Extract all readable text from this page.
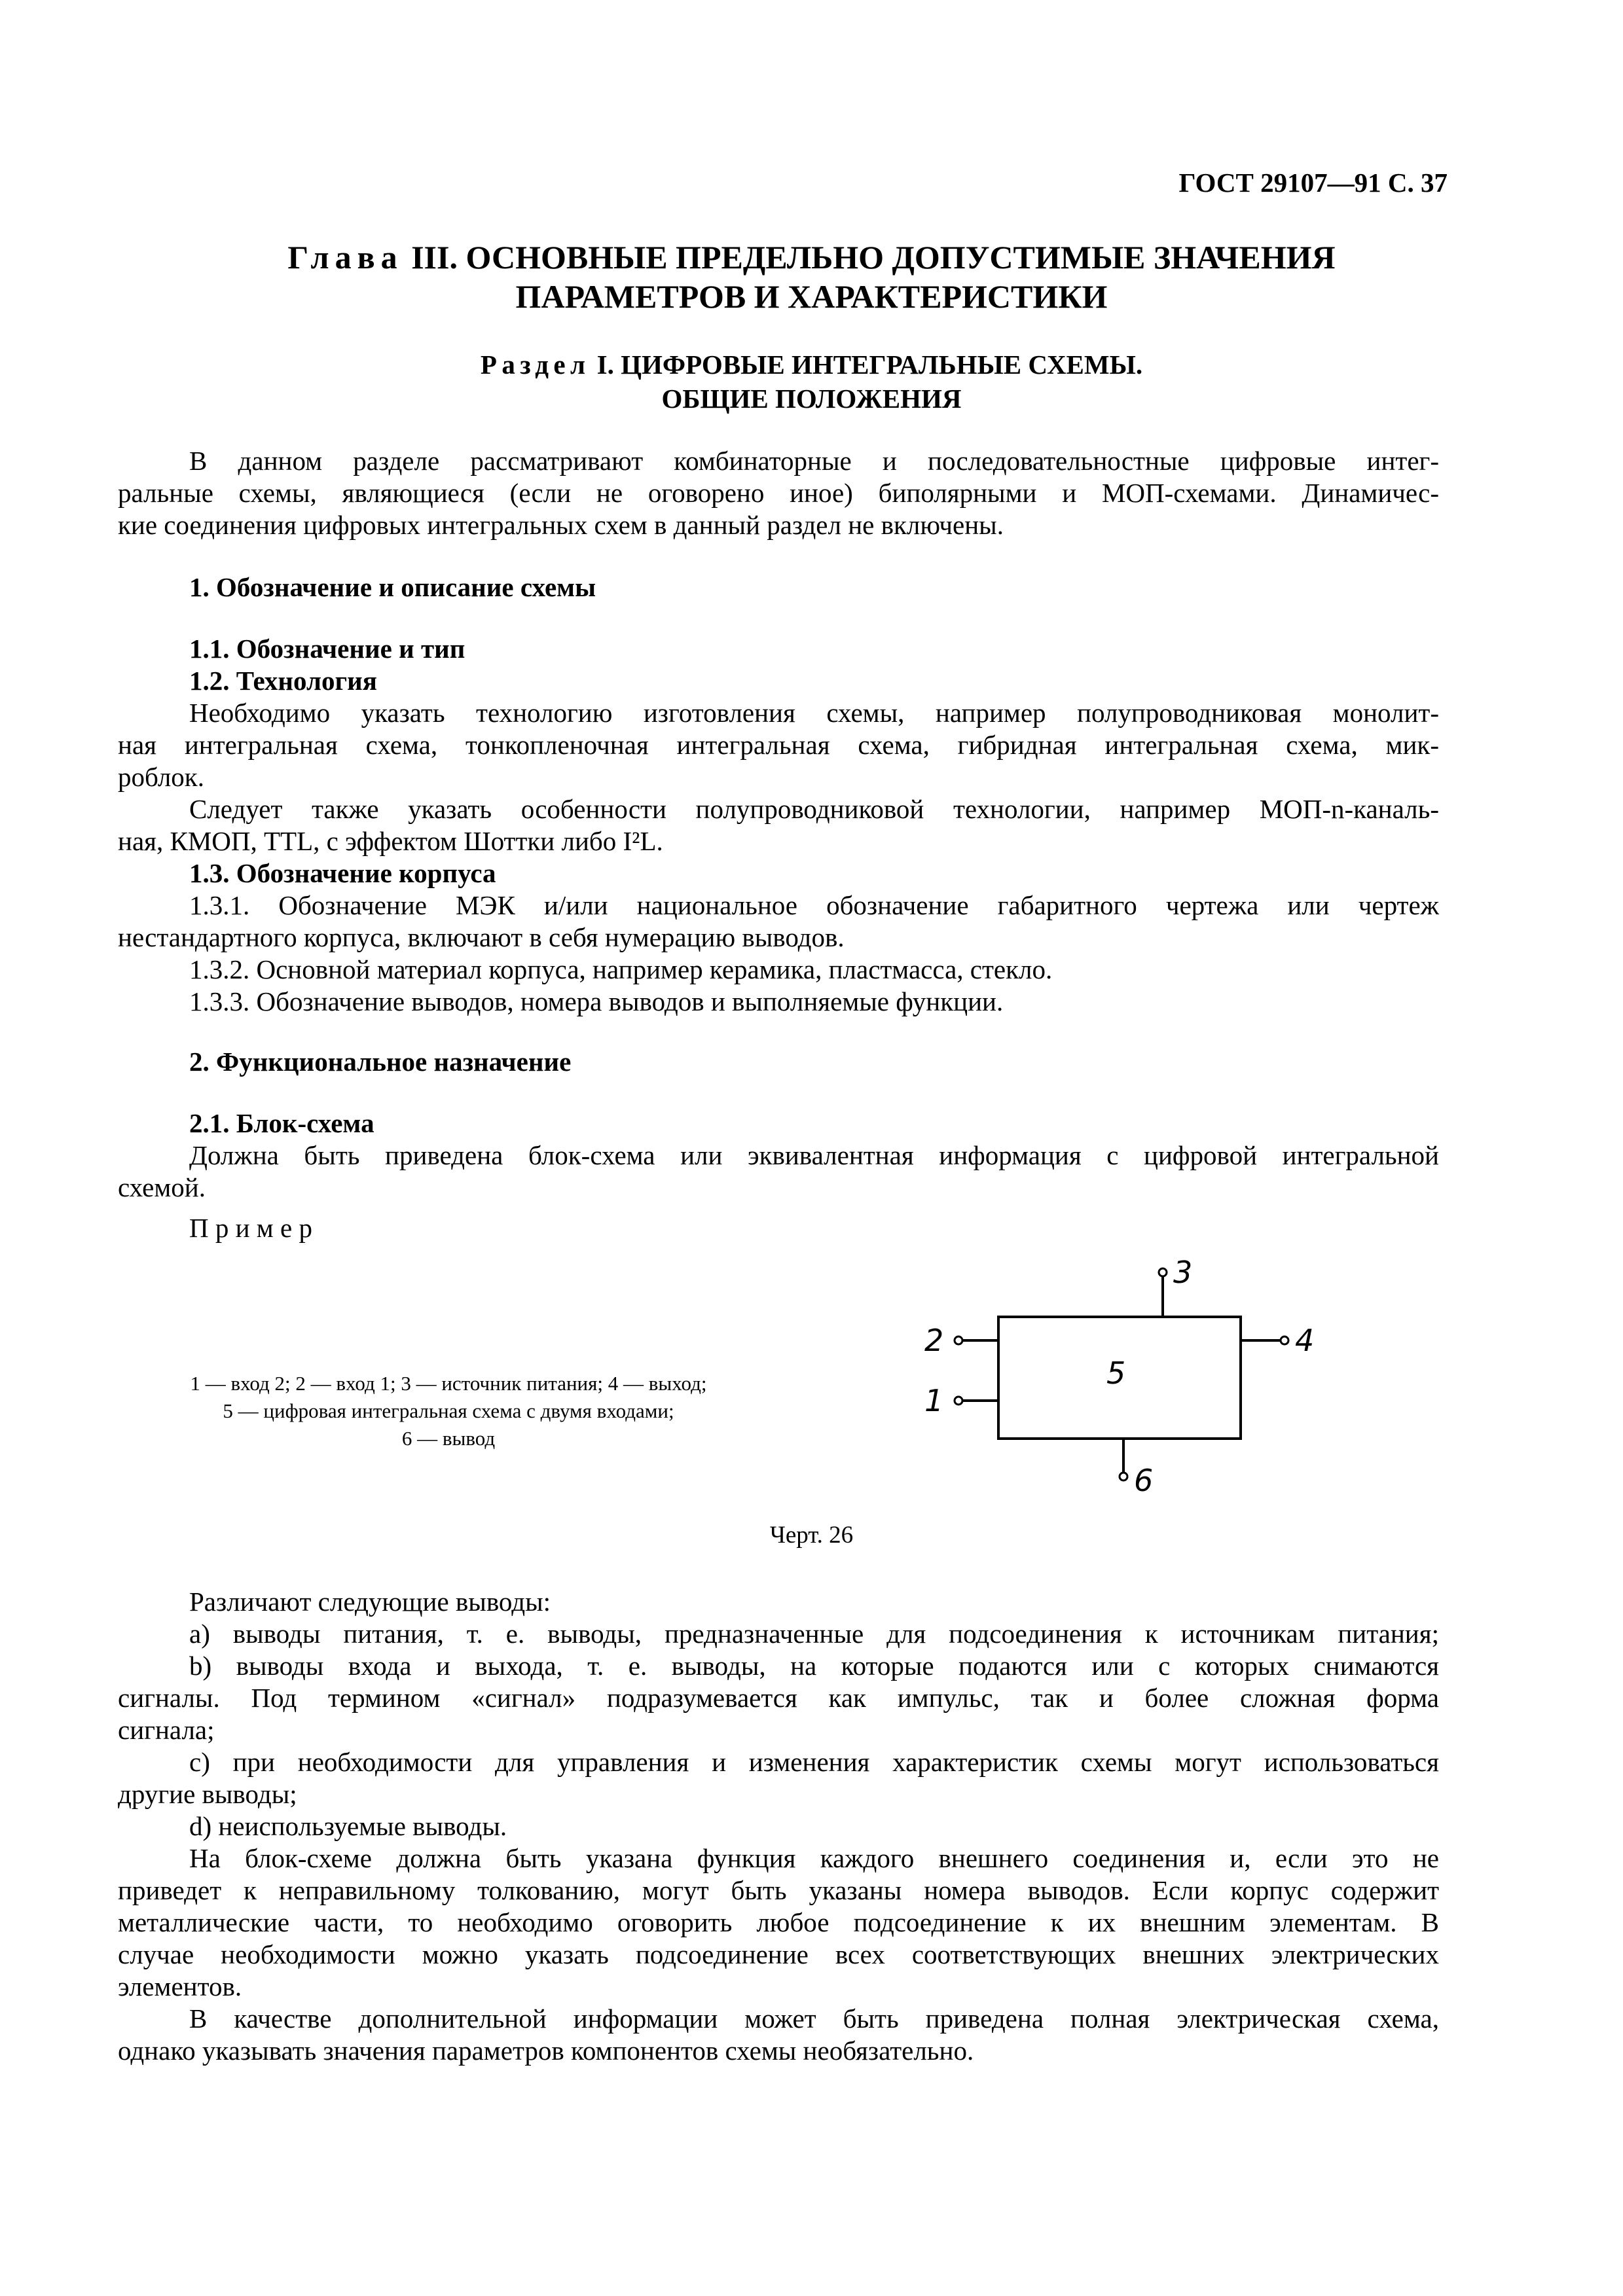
ГОСТ 29107—91 С. 37
Глава III. ОСНОВНЫЕ ПРЕДЕЛЬНО ДОПУСТИМЫЕ ЗНАЧЕНИЯ
ПАРАМЕТРОВ И ХАРАКТЕРИСТИКИ
Раздел I. ЦИФРОВЫЕ ИНТЕГРАЛЬНЫЕ СХЕМЫ.
ОБЩИЕ ПОЛОЖЕНИЯ
В данном разделе рассматривают комбинаторные и последовательностные цифровые интег-
ральные схемы, являющиеся (если не оговорено иное) биполярными и МОП-схемами. Динамичес-
кие соединения цифровых интегральных схем в данный раздел не включены.
1. Обозначение и описание схемы
1.1. Обозначение и тип
1.2. Технология
Необходимо указать технологию изготовления схемы, например полупроводниковая монолит-
ная интегральная схема, тонкопленочная интегральная схема, гибридная интегральная схема, мик-
роблок.
Следует также указать особенности полупроводниковой технологии, например МОП-n-каналь-
ная, КМОП, TTL, с эффектом Шоттки либо I²L.
1.3. Обозначение корпуса
1.3.1. Обозначение МЭК и/или национальное обозначение габаритного чертежа или чертеж
нестандартного корпуса, включают в себя нумерацию выводов.
1.3.2. Основной материал корпуса, например керамика, пластмасса, стекло.
1.3.3. Обозначение выводов, номера выводов и выполняемые функции.
2. Функциональное назначение
2.1. Блок-схема
Должна быть приведена блок-схема или эквивалентная информация с цифровой интегральной
схемой.
Пример
1 — вход 2; 2 — вход 1; 3 — источник питания; 4 — выход;
5 — цифровая интегральная схема с двумя входами;
6 — вывод
3
4
2
1
5
6
Черт. 26
Различают следующие выводы:
а) выводы питания, т. е. выводы, предназначенные для подсоединения к источникам питания;
b) выводы входа и выхода, т. е. выводы, на которые подаются или с которых снимаются
сигналы. Под термином «сигнал» подразумевается как импульс, так и более сложная форма
сигнала;
c) при необходимости для управления и изменения характеристик схемы могут использоваться
другие выводы;
d) неиспользуемые выводы.
На блок-схеме должна быть указана функция каждого внешнего соединения и, если это не
приведет к неправильному толкованию, могут быть указаны номера выводов. Если корпус содержит
металлические части, то необходимо оговорить любое подсоединение к их внешним элементам. В
случае необходимости можно указать подсоединение всех соответствующих внешних электрических
элементов.
В качестве дополнительной информации может быть приведена полная электрическая схема,
однако указывать значения параметров компонентов схемы необязательно.
